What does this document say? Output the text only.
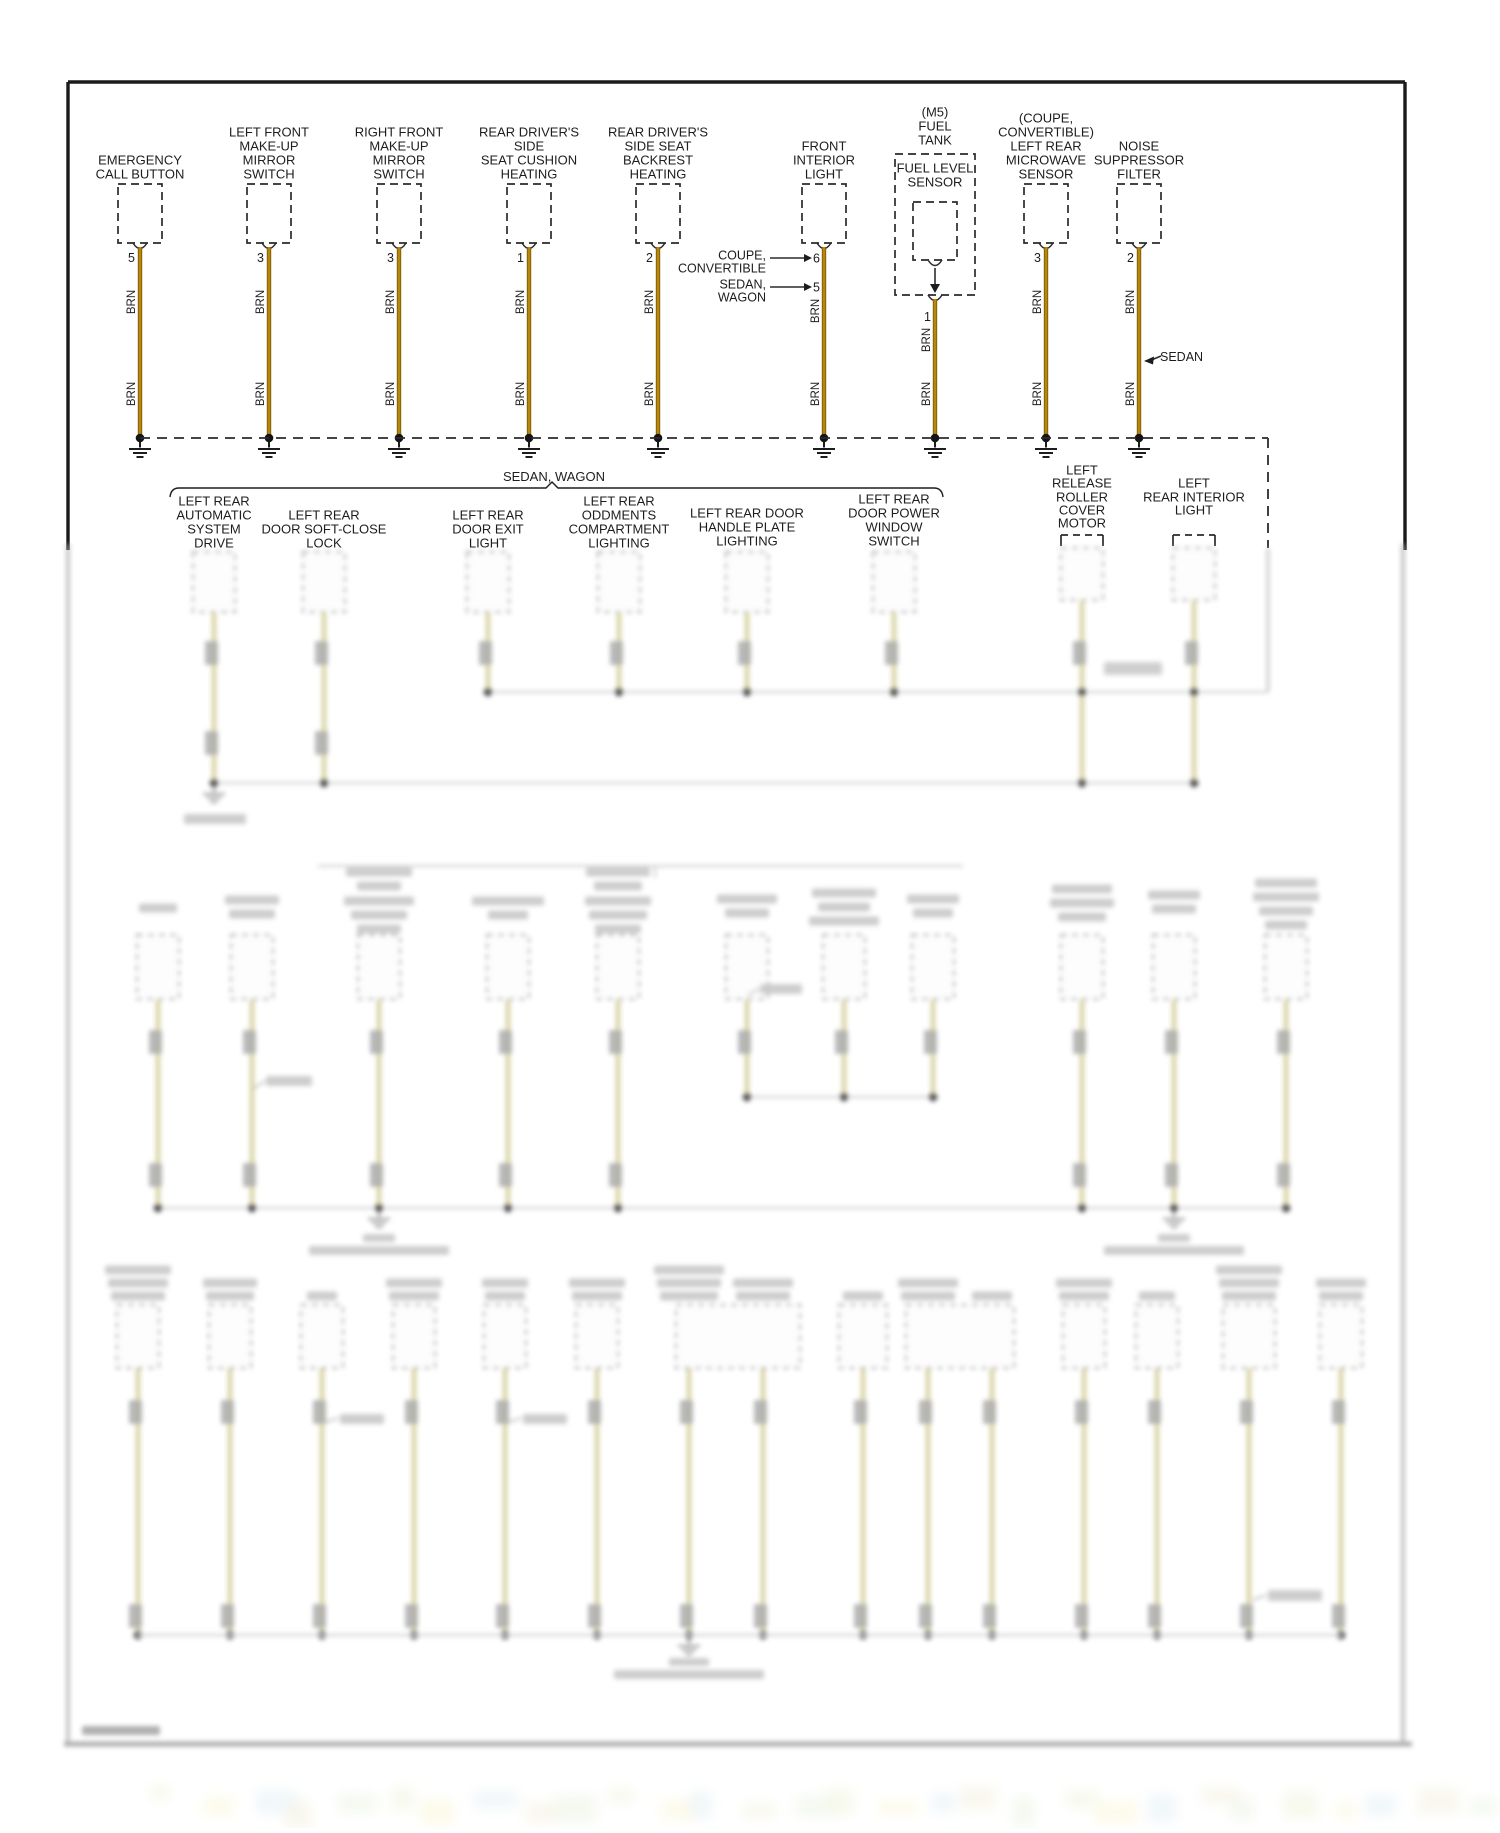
EMERGENCY
CALL BUTTON
5
BRN
BRN
LEFT FRONT
MAKE-UP
MIRROR
SWITCH
3
BRN
BRN
RIGHT FRONT
MAKE-UP
MIRROR
SWITCH
3
BRN
BRN
REAR DRIVER'S
SIDE
SEAT CUSHION
HEATING
1
BRN
BRN
REAR DRIVER'S
SIDE SEAT
BACKREST
HEATING
2
BRN
BRN
FRONT
INTERIOR
LIGHT
COUPE,
CONVERTIBLE
6
SEDAN,
WAGON
5
BRN
BRN
(M5)
FUEL
TANK
FUEL LEVEL
SENSOR
1
BRN
BRN
(COUPE,
CONVERTIBLE)
LEFT REAR
MICROWAVE
SENSOR
3
BRN
BRN
NOISE
SUPPRESSOR
FILTER
2
SEDAN
BRN
BRN
SEDAN, WAGON
LEFT REAR
AUTOMATIC
SYSTEM
DRIVE
LEFT REAR
DOOR SOFT-CLOSE
LOCK
LEFT REAR
DOOR EXIT
LIGHT
LEFT REAR
ODDMENTS
COMPARTMENT
LIGHTING
LEFT REAR DOOR
HANDLE PLATE
LIGHTING
LEFT REAR
DOOR POWER
WINDOW
SWITCH
LEFT
RELEASE
ROLLER
COVER
MOTOR
LEFT
REAR INTERIOR
LIGHT
